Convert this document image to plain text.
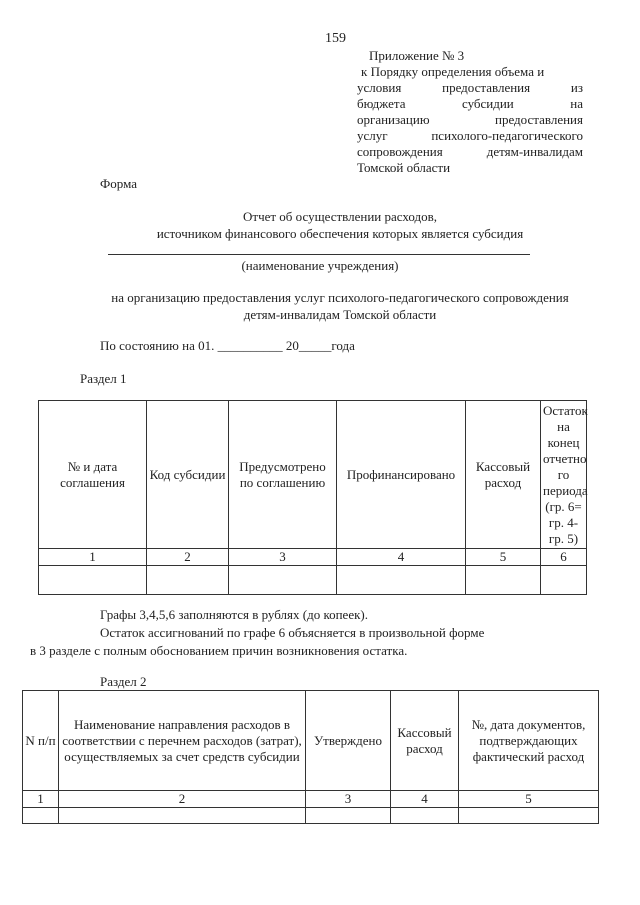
159
Приложение № 3
к Порядку определения объема и
условия предоставления из
бюджета субсидии на
организацию предоставления
услуг психолого-педагогического
сопровождения детям-инвалидам
Томской области
Форма
Отчет об осуществлении расходов,
источником финансового обеспечения которых является субсидия
(наименование учреждения)
на организацию предоставления услуг психолого-педагогического сопровождения
детям-инвалидам Томской области
По состоянию на 01. __________ 20_____года
Раздел 1
№ и дата соглашения	Код субсидии	Предусмотрено по соглашению	Профинансировано	Кассовый расход	Остаток на конец отчетно го периода (гр. 6= гр. 4- гр. 5)
1	2	3	4	5	6

Графы 3,4,5,6 заполняются в рублях (до копеек).
Остаток ассигнований по графе 6 объясняется в произвольной форме
в 3 разделе с полным обоснованием причин возникновения остатка.
Раздел 2
N п/п	Наименование направления расходов в соответствии с перечнем расходов (затрат), осуществляемых за счет средств субсидии	Утверждено	Кассовый расход	№, дата документов, подтверждающих фактический расход
1	2	3	4	5
